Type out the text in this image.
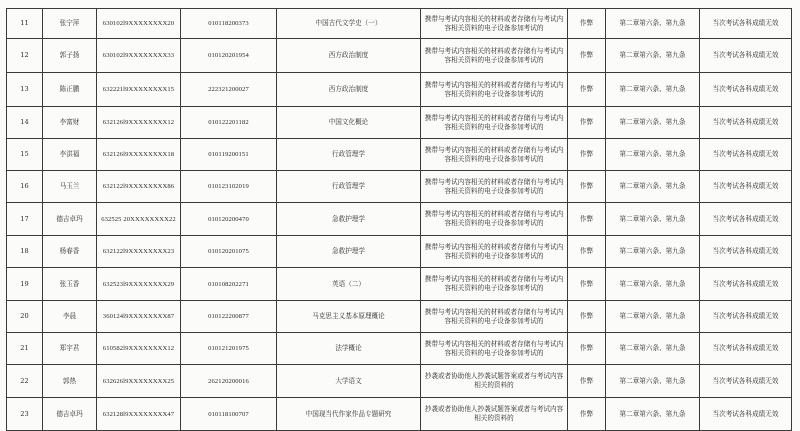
11	张宁萍	630102l9XXXXXXXX20	010118200373	中国古代文学史（一）	携带与考试内容相关的材料或者存储有与考试内容相关资料的电子设备参加考试的	作弊	第二章第六条、第九条	当次考试各科成绩无效
12	郭子扬	630102l9XXXXXXXX33	010120201954	西方政治制度	携带与考试内容相关的材料或者存储有与考试内容相关资料的电子设备参加考试的	作弊	第二章第六条、第九条	当次考试各科成绩无效
13	陈正鹏	632221l9XXXXXXXX15	222321200027	西方政治制度	携带与考试内容相关的材料或者存储有与考试内容相关资料的电子设备参加考试的	作弊	第二章第六条、第九条	当次考试各科成绩无效
14	李富财	632126l9XXXXXXXX12	010122201182	中国文化概论	携带与考试内容相关的材料或者存储有与考试内容相关资料的电子设备参加考试的	作弊	第二章第六条、第九条	当次考试各科成绩无效
15	李洪福	632126l9XXXXXXXX18	010119200151	行政管理学	携带与考试内容相关的材料或者存储有与考试内容相关资料的电子设备参加考试的	作弊	第二章第六条、第九条	当次考试各科成绩无效
16	马玉兰	632122l9XXXXXXXX86	010123102019	行政管理学	携带与考试内容相关的材料或者存储有与考试内容相关资料的电子设备参加考试的	作弊	第二章第六条、第九条	当次考试各科成绩无效
17	德吉卓玛	632525 20XXXXXXXX22	010120200470	急救护理学	携带与考试内容相关的材料或者存储有与考试内容相关资料的电子设备参加考试的	作弊	第二章第六条、第九条	当次考试各科成绩无效
18	杨春香	632122l9XXXXXXXX23	010120201075	急救护理学	携带与考试内容相关的材料或者存储有与考试内容相关资料的电子设备参加考试的	作弊	第二章第六条、第九条	当次考试各科成绩无效
19	张玉香	632523l9XXXXXXXX29	010108202271	英语（二）	携带与考试内容相关的材料或者存储有与考试内容相关资料的电子设备参加考试的	作弊	第二章第六条、第九条	当次考试各科成绩无效
20	李晨	360124l9XXXXXXXX87	010122200877	马克思主义基本原理概论	携带与考试内容相关的材料或者存储有与考试内容相关资料的电子设备参加考试的	作弊	第二章第六条、第九条	当次考试各科成绩无效
21	郑宇君	610582l9XXXXXXXX12	010121201975	法学概论	携带与考试内容相关的材料或者存储有与考试内容相关资料的电子设备参加考试的	作弊	第二章第六条、第九条	当次考试各科成绩无效
22	郭热	632626l9XXXXXXXX25	262120200016	大学语文	抄袭或者协助他人抄袭试题答案或者与考试内容相关的资料的	作弊	第二章第六条、第九条	当次考试各科成绩无效
23	德吉卓玛	632128l9XXXXXXXX47	010118100707	中国现当代作家作品专题研究	抄袭或者协助他人抄袭试题答案或者与考试内容相关的资料的	作弊	第二章第六条、第九条	当次考试各科成绩无效
